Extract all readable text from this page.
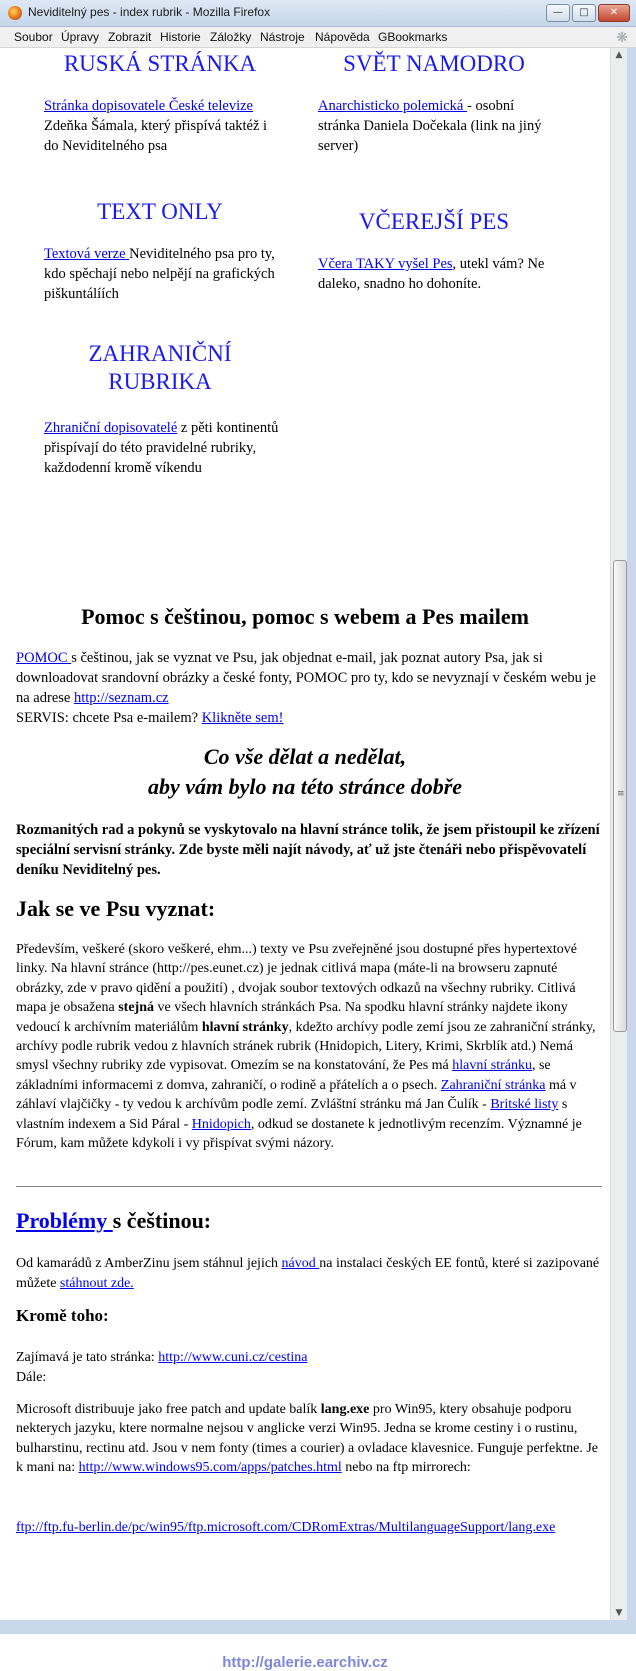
Neviditelný pes - index rubrik - Mozilla Firefox	—	□	✕
Soubor Úpravy Zobrazit Historie Záložky Nástroje Nápověda GBookmarks	❋
RUSKÁ STRÁNKA
Stránka dopisovatele České televize Zdeňka Šámala, který přispívá taktéž i do Neviditelného psa
SVĚT NAMODRO
Anarchisticko polemická - osobní stránka Daniela Dočekala (link na jiný server)
TEXT ONLY
Textová verze Neviditelného psa pro ty, kdo spěchají nebo nelpějí na grafických piškuntálíích
VČEREJŠÍ PES
Včera TAKY vyšel Pes, utekl vám? Ne daleko, snadno ho dohoníte.
ZAHRANIČNÍ
RUBRIKA
Zhraniční dopisovatelé z pěti kontinentů přispívají do této pravidelné rubriky, každodenní kromě víkendu
Pomoc s češtinou, pomoc s webem a Pes mailem
POMOC s češtinou, jak se vyznat ve Psu, jak objednat e-mail, jak poznat autory Psa, jak si downloadovat srandovní obrázky a české fonty, POMOC pro ty, kdo se nevyznají v českém webu je na adrese http://seznam.cz
SERVIS: chcete Psa e-mailem? Klikněte sem!
Co vše dělat a nedělat,
aby vám bylo na této stránce dobře
Rozmanitých rad a pokynů se vyskytovalo na hlavní stránce tolik, že jsem přistoupil ke zřízení speciální servisní stránky. Zde byste měli najít návody, ať už jste čtenáři nebo přispěvovatelí deníku Neviditelný pes.
Jak se ve Psu vyznat:
Především, veškeré (skoro veškeré, ehm...) texty ve Psu zveřejněné jsou dostupné přes hypertextové linky. Na hlavní stránce (http://pes.eunet.cz) je jednak citlivá mapa (máte-li na browseru zapnuté obrázky, zde v pravo qidění a použití) , dvojak soubor textových odkazů na všechny rubriky. Citlivá mapa je obsažena stejná ve všech hlavních stránkách Psa. Na spodku hlavní stránky najdete ikony vedoucí k archívním materiálům hlavní stránky, kdežto archívy podle zemí jsou ze zahraniční stránky, archívy podle rubrik vedou z hlavních stránek rubrik (Hnidopich, Litery, Krimi, Skrblík atd.) Nemá smysl všechny rubriky zde vypisovat. Omezím se na konstatování, že Pes má hlavní stránku, se základními informacemi z domva, zahraničí, o rodině a přátelích a o psech. Zahraniční stránka má v záhlaví vlajčičky - ty vedou k archívům podle zemí. Zvláštní stránku má Jan Čulík - Britské listy s vlastním indexem a Sid Páral - Hnidopich, odkud se dostanete k jednotlivým recenzím. Významné je Fórum, kam můžete kdykoli i vy přispívat svými názory.
Problémy s češtinou:
Od kamarádů z AmberZinu jsem stáhnul jejich návod na instalaci českých EE fontů, které si zazipované můžete stáhnout zde.
Kromě toho:
Zajímavá je tato stránka: http://www.cuni.cz/cestina
Dále:
Microsoft distribuuje jako free patch and update balík lang.exe pro Win95, ktery obsahuje podporu nekterych jazyku, ktere normalne nejsou v anglicke verzi Win95. Jedna se krome cestiny i o rustinu, bulharstinu, rectinu atd. Jsou v nem fonty (times a courier) a ovladace klavesnice. Funguje perfektne. Je k mani na: http://www.windows95.com/apps/patches.html nebo na ftp mirrorech:
ftp://ftp.fu-berlin.de/pc/win95/ftp.microsoft.com/CDRomExtras/MultilanguageSupport/lang.exe
http://galerie.earchiv.cz
▲
≡
▼
